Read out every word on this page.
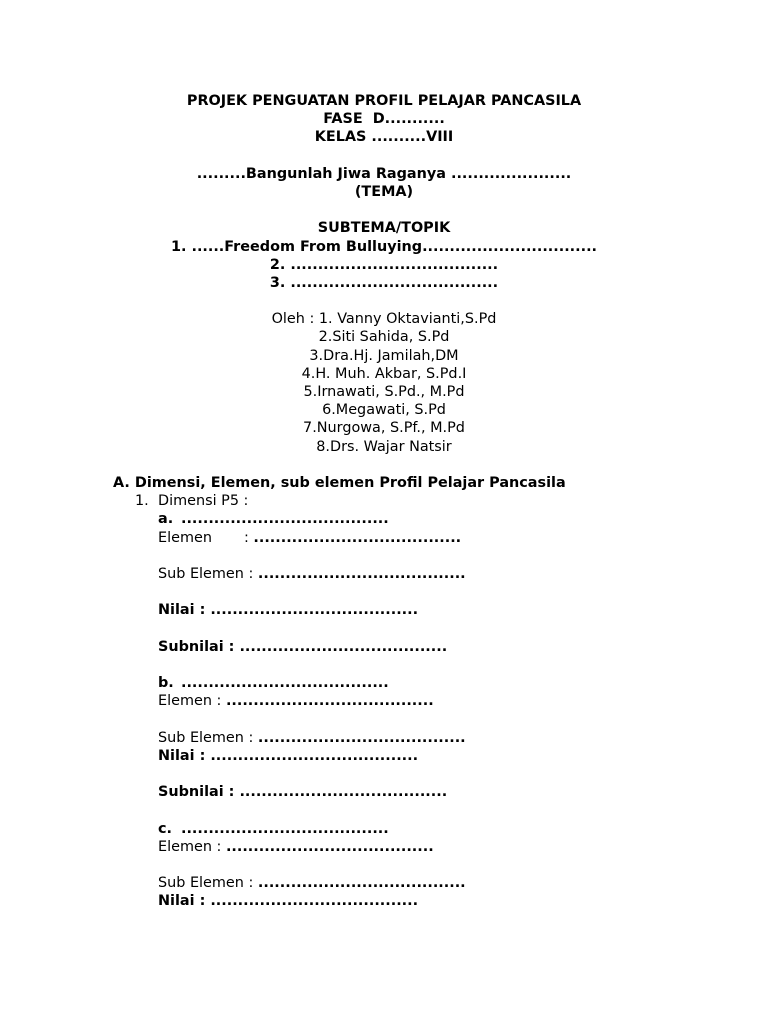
PROJEK PENGUATAN PROFIL PELAJAR PANCASILA
FASE  D...........
KELAS ..........VIII
.........Bangunlah Jiwa Raganya ......................
(TEMA)
SUBTEMA/TOPIK
1. ......Freedom From Bulluying................................
2. ......................................
3. ......................................
Oleh : 1. Vanny Oktavianti,S.Pd
2.Siti Sahida, S.Pd
3.Dra.Hj. Jamilah,DM
4.H. Muh. Akbar, S.Pd.I
5.Irnawati, S.Pd., M.Pd
6.Megawati, S.Pd
7.Nurgowa, S.Pf., M.Pd
8.Drs. Wajar Natsir
A. Dimensi, Elemen, sub elemen Profil Pelajar Pancasila
1. Dimensi P5 :
a. ......................................
Elemen       : ......................................
Sub Elemen : ......................................
Nilai : ......................................
Subnilai : ......................................
b. ......................................
Elemen : ......................................
Sub Elemen : ......................................
Nilai : ......................................
Subnilai : ......................................
c. ......................................
Elemen : ......................................
Sub Elemen : ......................................
Nilai : ......................................
